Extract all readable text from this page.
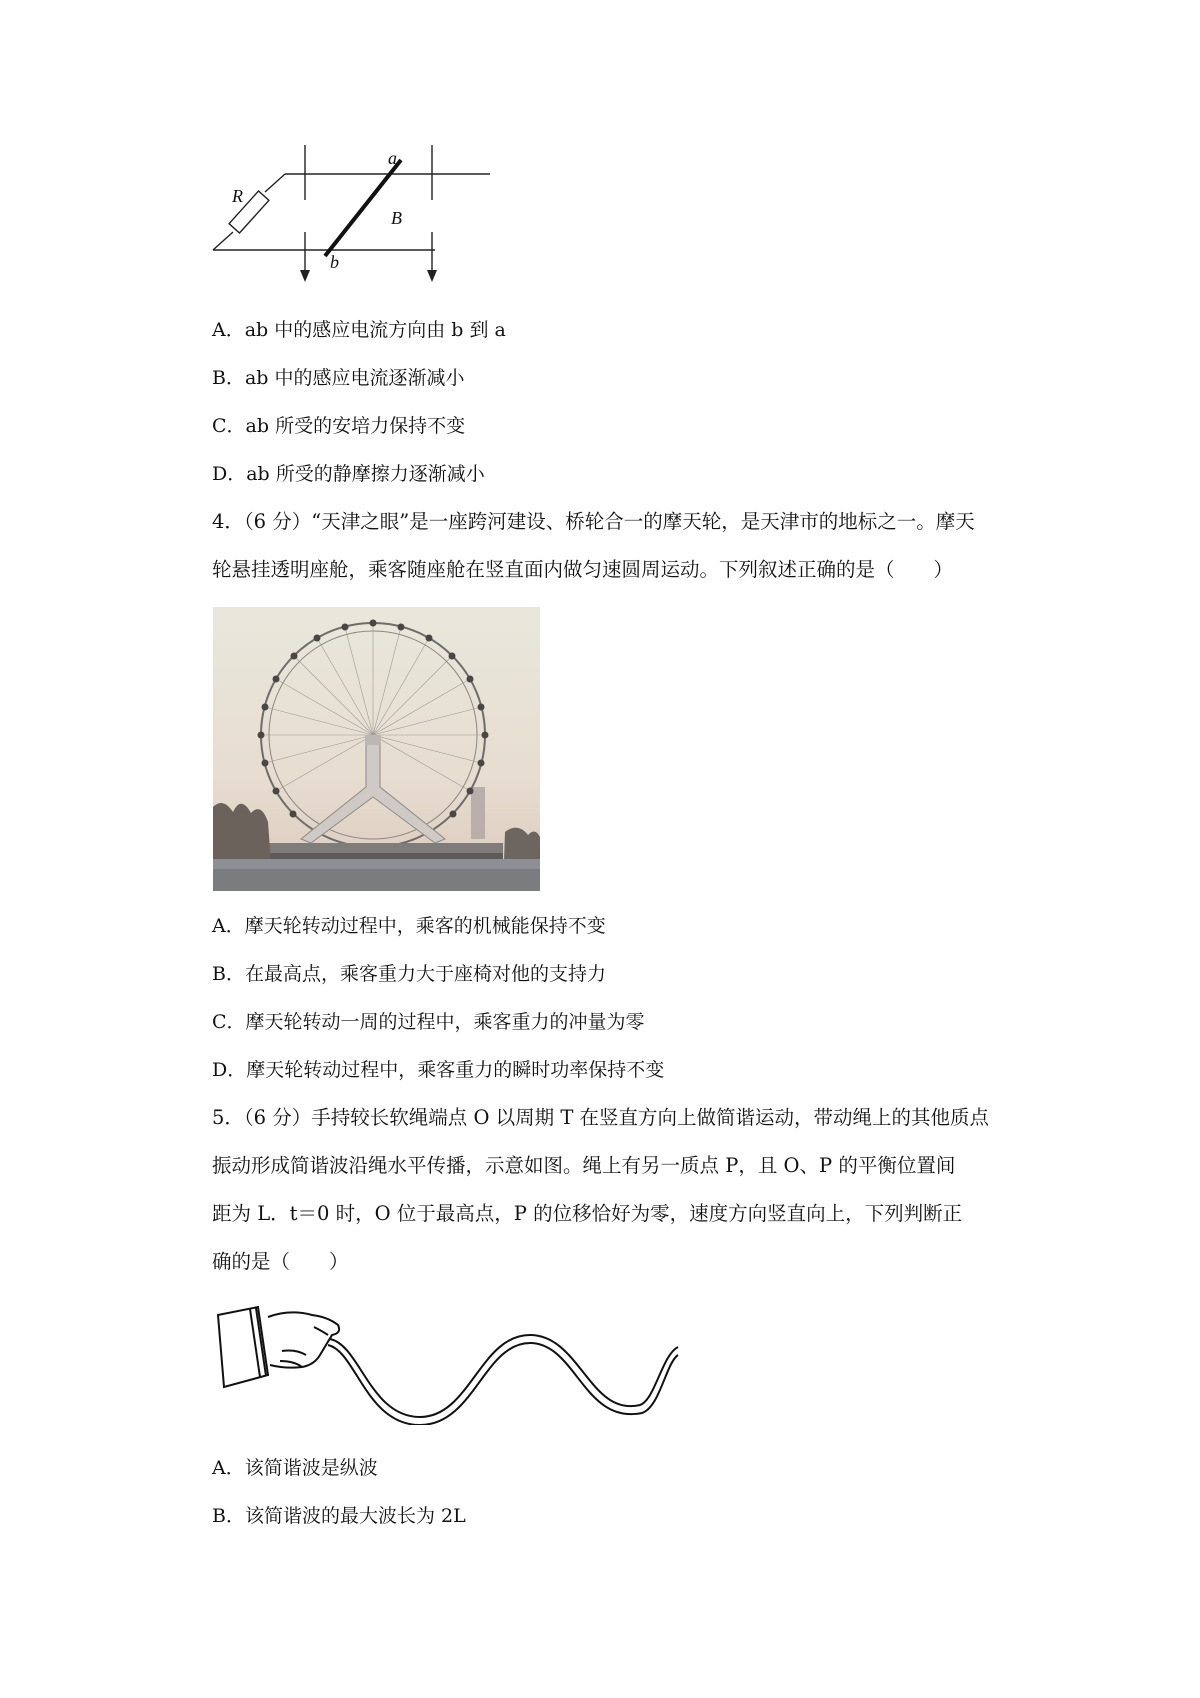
R
a
B
b
A．ab 中的感应电流方向由 b 到 a
B．ab 中的感应电流逐渐减小
C．ab 所受的安培力保持不变
D．ab 所受的静摩擦力逐渐减小
4．（6 分）“天津之眼”是一座跨河建设、桥轮合一的摩天轮，是天津市的地标之一。摩天
轮悬挂透明座舱，乘客随座舱在竖直面内做匀速圆周运动。下列叙述正确的是（　　）
A．摩天轮转动过程中，乘客的机械能保持不变
B．在最高点，乘客重力大于座椅对他的支持力
C．摩天轮转动一周的过程中，乘客重力的冲量为零
D．摩天轮转动过程中，乘客重力的瞬时功率保持不变
5．（6 分）手持较长软绳端点 O 以周期 T 在竖直方向上做简谐运动，带动绳上的其他质点
振动形成简谐波沿绳水平传播，示意如图。绳上有另一质点 P，且 O、P 的平衡位置间
距为 L．t＝0 时，O 位于最高点，P 的位移恰好为零，速度方向竖直向上，下列判断正
确的是（　　）
A．该简谐波是纵波
B．该简谐波的最大波长为 2L
